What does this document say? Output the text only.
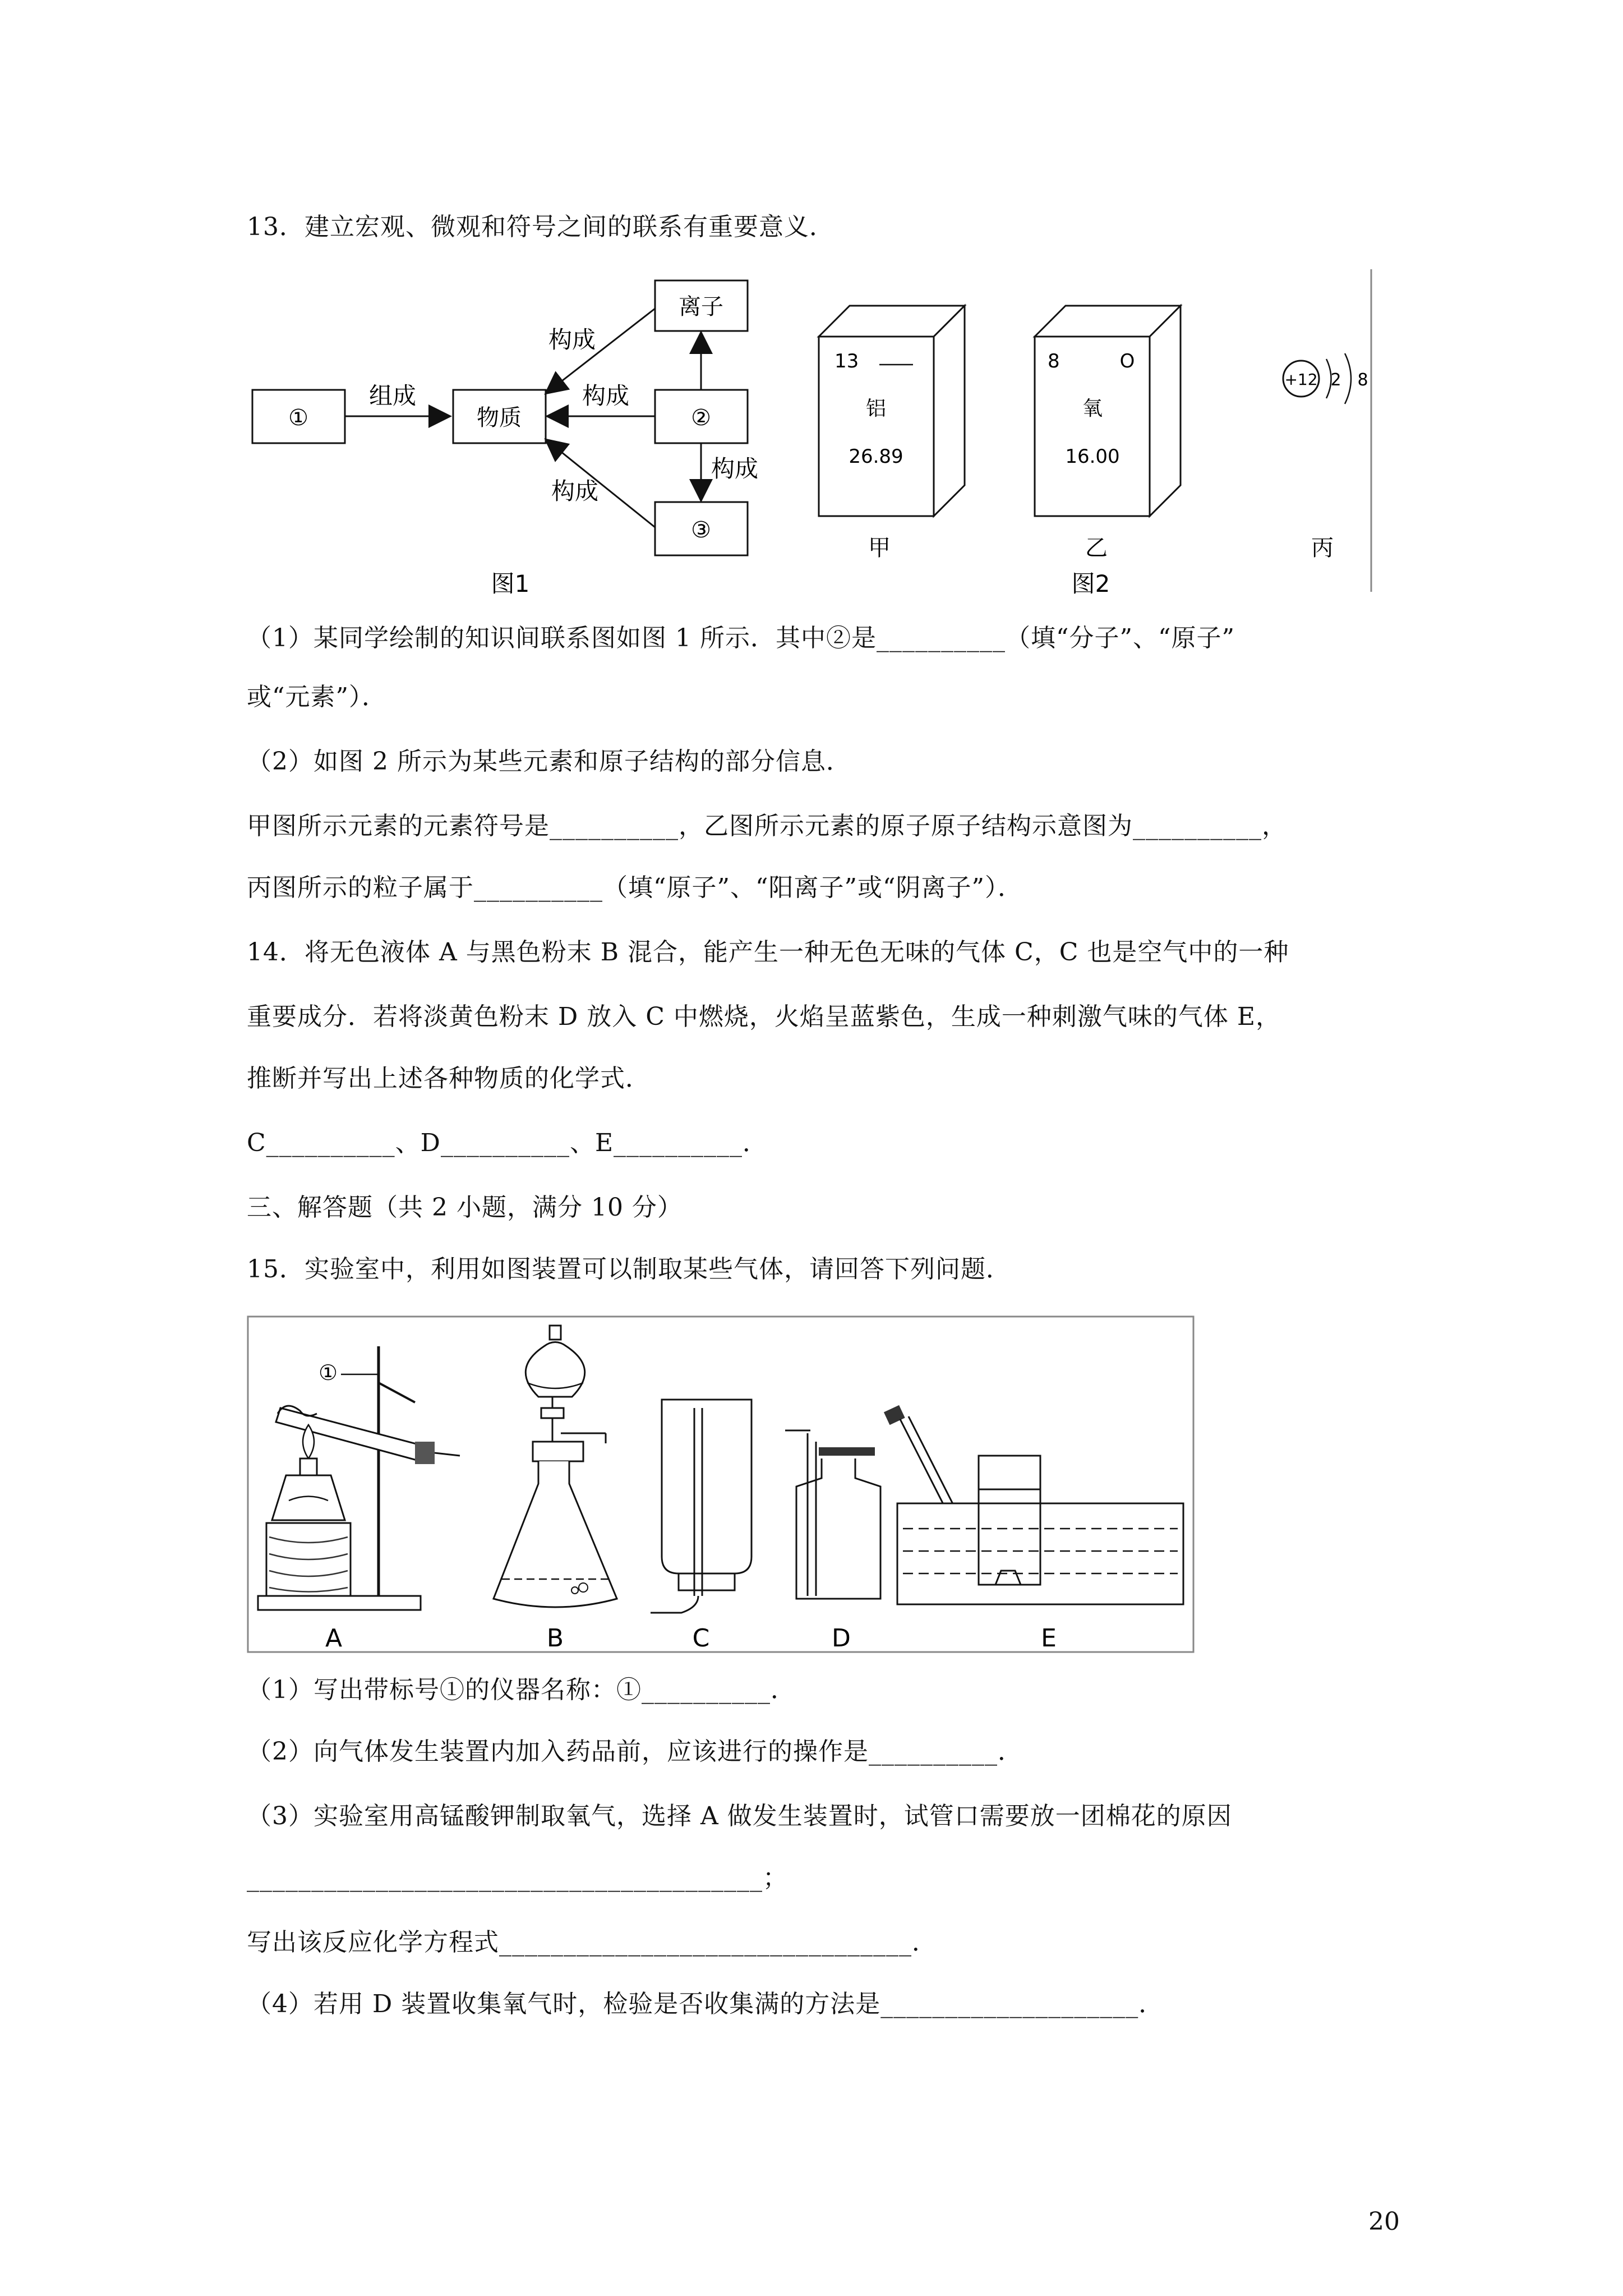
13．建立宏观、微观和符号之间的联系有重要意义．
①
组成
物质
离子
②
③
构成
构成
构成
构成
图1
13
铝
26.89
甲
8	O
氧
16.00
乙
图2
+12 2 8
丙
（1）某同学绘制的知识间联系图如图 1 所示．其中②是__________（填“分子”、“原子”
或“元素”）．
（2）如图 2 所示为某些元素和原子结构的部分信息．
甲图所示元素的元素符号是__________，乙图所示元素的原子原子结构示意图为__________，
丙图所示的粒子属于__________（填“原子”、“阳离子”或“阴离子”）．
14．将无色液体 A 与黑色粉末 B 混合，能产生一种无色无味的气体 C，C 也是空气中的一种
重要成分．若将淡黄色粉末 D 放入 C 中燃烧，火焰呈蓝紫色，生成一种刺激气味的气体 E，
推断并写出上述各种物质的化学式．
C__________、D__________、E__________．
三、解答题（共 2 小题，满分 10 分）
15．实验室中，利用如图装置可以制取某些气体，请回答下列问题．
①
A	B	C	D	E
（1）写出带标号①的仪器名称：①__________．
（2）向气体发生装置内加入药品前，应该进行的操作是__________．
（3）实验室用高锰酸钾制取氧气，选择 A 做发生装置时，试管口需要放一团棉花的原因
________________________________________；
写出该反应化学方程式________________________________．
（4）若用 D 装置收集氧气时，检验是否收集满的方法是____________________．
20
